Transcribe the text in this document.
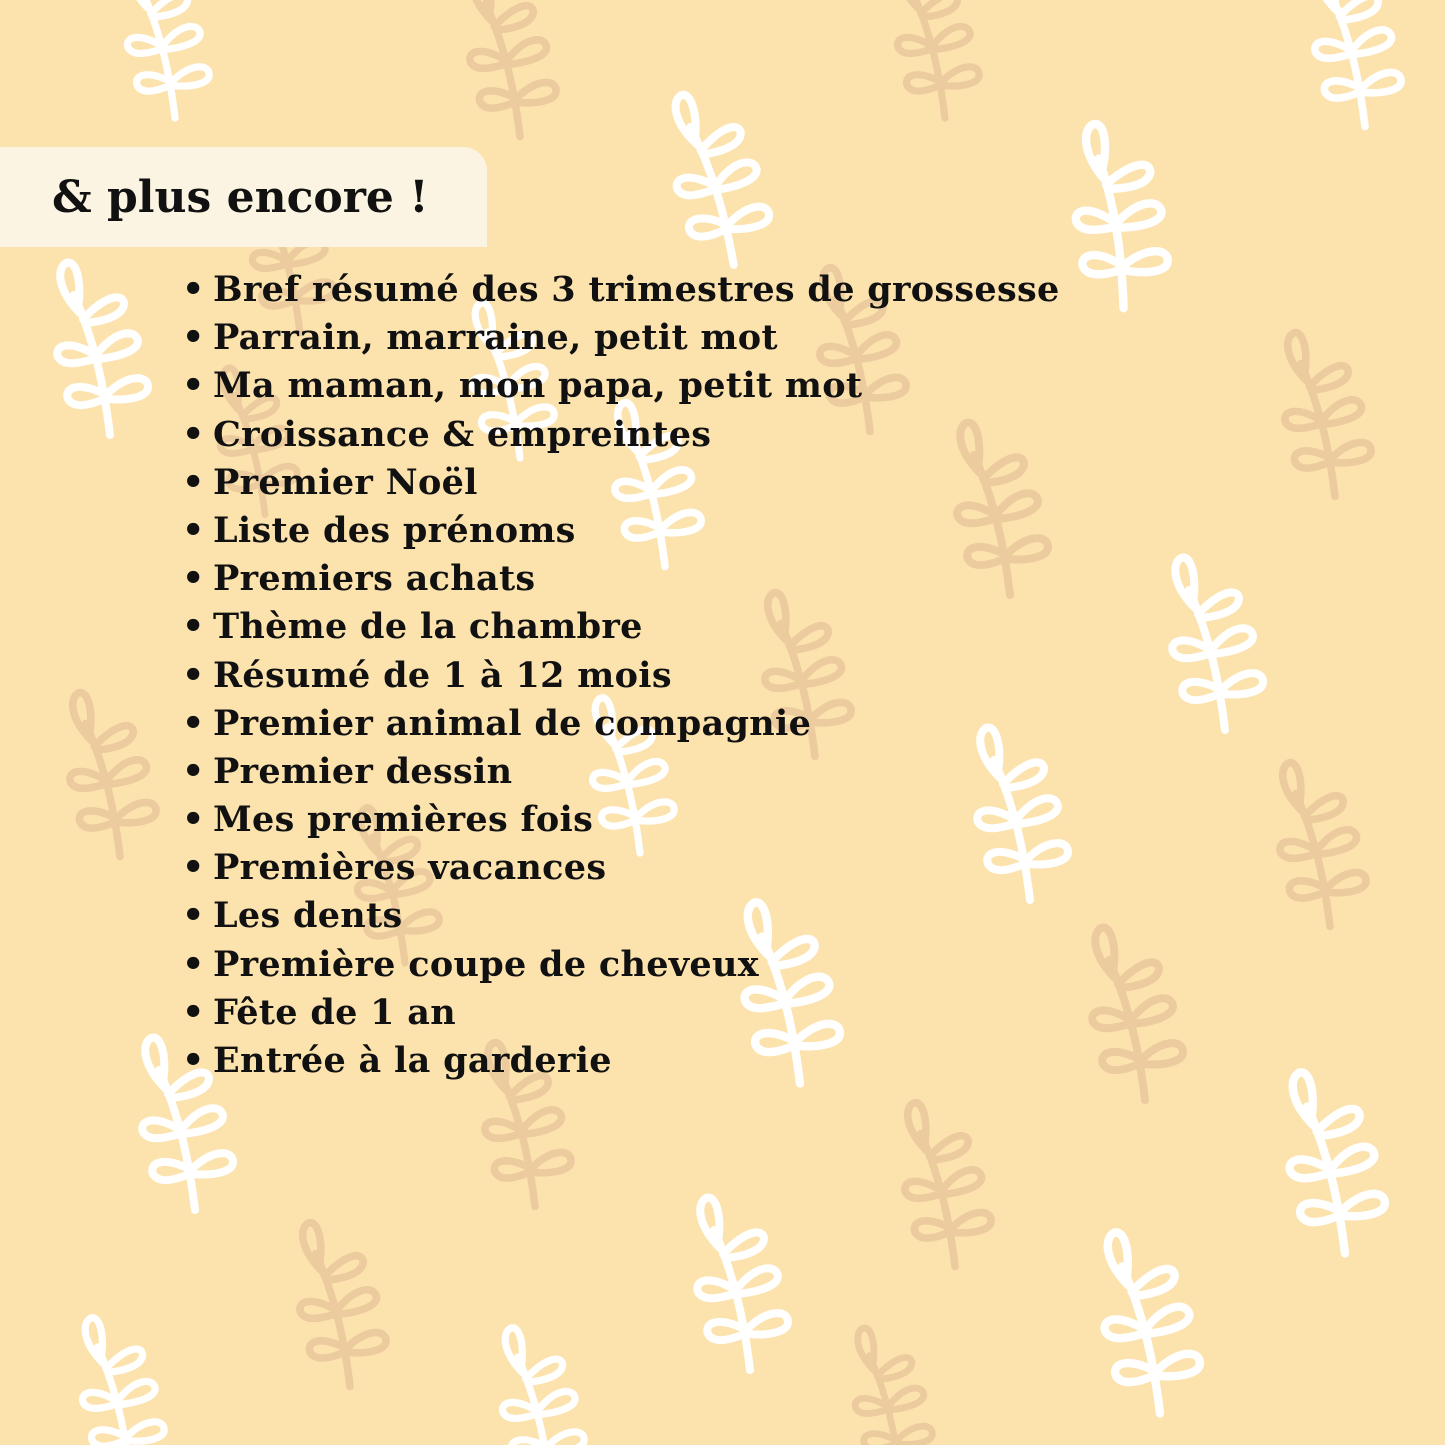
& plus encore !
• Bref résumé des 3 trimestres de grossesse
• Parrain, marraine, petit mot
• Ma maman, mon papa, petit mot
• Croissance & empreintes
• Premier Noël
• Liste des prénoms
• Premiers achats
• Thème de la chambre
• Résumé de 1 à 12 mois
• Premier animal de compagnie
• Premier dessin
• Mes premières fois
• Premières vacances
• Les dents
• Première coupe de cheveux
• Fête de 1 an
• Entrée à la garderie
